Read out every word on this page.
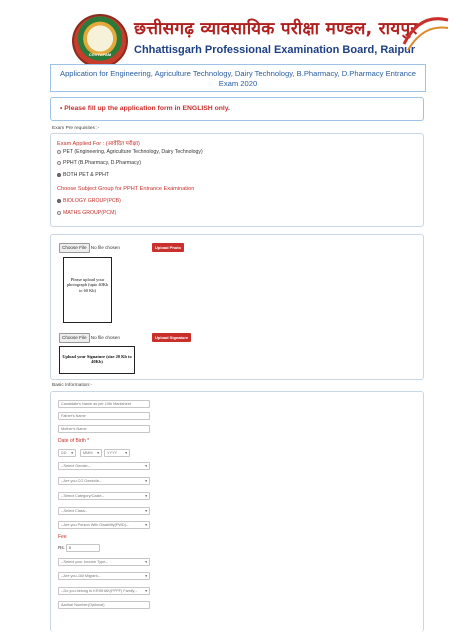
CGVYAPAM
छत्तीसगढ़ व्यावसायिक परीक्षा मण्डल, रायपुर
Chhattisgarh Professional Examination Board, Raipur
Application for Engineering, Agriculture Technology, Dairy Technology, B.Pharmacy, D.Pharmacy Entrance Exam 2020
• Please fill up the application form in ENGLISH only.
Exam Pre requisites :-
Exam Applied For : (आवेदित परीक्षा)
PET (Engineering, Agriculture Technology, Dairy Technology)
PPHT (B.Pharmacy, D.Pharmacy)
BOTH PET & PPHT
Choose Subject Group for PPHT Entrance Examination
BIOLOGY GROUP(PCB)
MATHS GROUP(PCM)
Choose File No file chosen	Upload Photo
Please upload your photograph (upto 40Kb to 60 Kb)
Choose File No file chosen	Upload Signature
Upload your Signature (size 20 Kb to 40Kb)
Basic Information:-
Candidate's Name as per 10th Marksheet
Father's Name
Mother's Name
Date of Birth *
DD ▾	MMM ▾	YYYY ▾
--Select Gender--	▾
--Are you CG Domicile--	▾
--Select Category/Caste--	▾
--Select Class--	▾
--Are you Person With Disability(PWD)--	▾
Fee
Rs.	0
--Select your Income Type--	▾
--Are you JAil Migrant--	▾
--Do you belong to KRISHAK(FPPF) Family-- ▾
Aadhar Number(Optional)
